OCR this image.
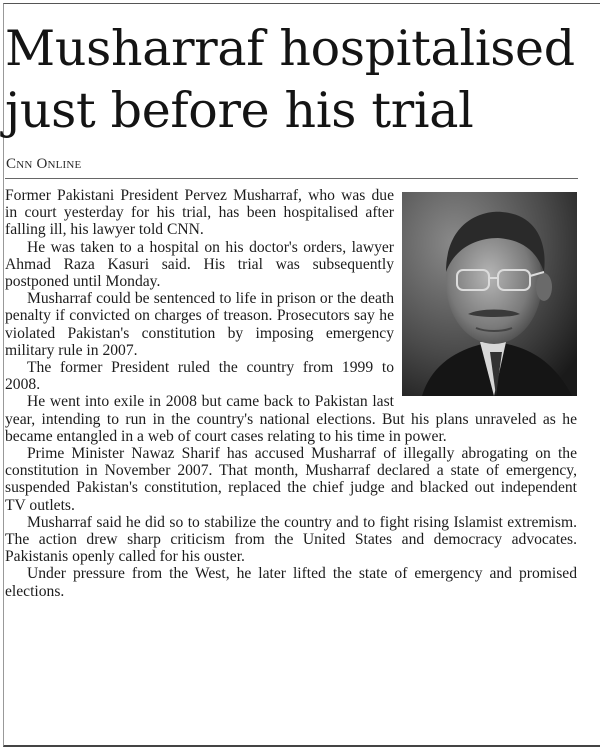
Musharraf hospitalised
just before his trial

Cnn Online

Former Pakistani President Pervez Musharraf, who was due in court yesterday for his trial, has been hospitalised after falling ill, his lawyer told CNN.

He was taken to a hospital on his doctor's orders, lawyer Ahmad Raza Kasuri said. His trial was subsequently postponed until Monday.

Musharraf could be sentenced to life in prison or the death penalty if convicted on charges of treason. Prosecutors say he violated Pakistan's constitution by imposing emergency military rule in 2007.

The former President ruled the country from 1999 to 2008.

He went into exile in 2008 but came back to Pakistan last year, intending to run in the country's national elections. But his plans unraveled as he became entangled in a web of court cases relating to his time in power.

Prime Minister Nawaz Sharif has accused Musharraf of illegally abrogating on the constitution in November 2007. That month, Musharraf declared a state of emergency, suspended Pakistan's constitution, replaced the chief judge and blacked out independent TV outlets.

Musharraf said he did so to stabilize the country and to fight rising Islamist extremism. The action drew sharp criticism from the United States and democracy advocates. Pakistanis openly called for his ouster.

Under pressure from the West, he later lifted the state of emergency and promised elections.
